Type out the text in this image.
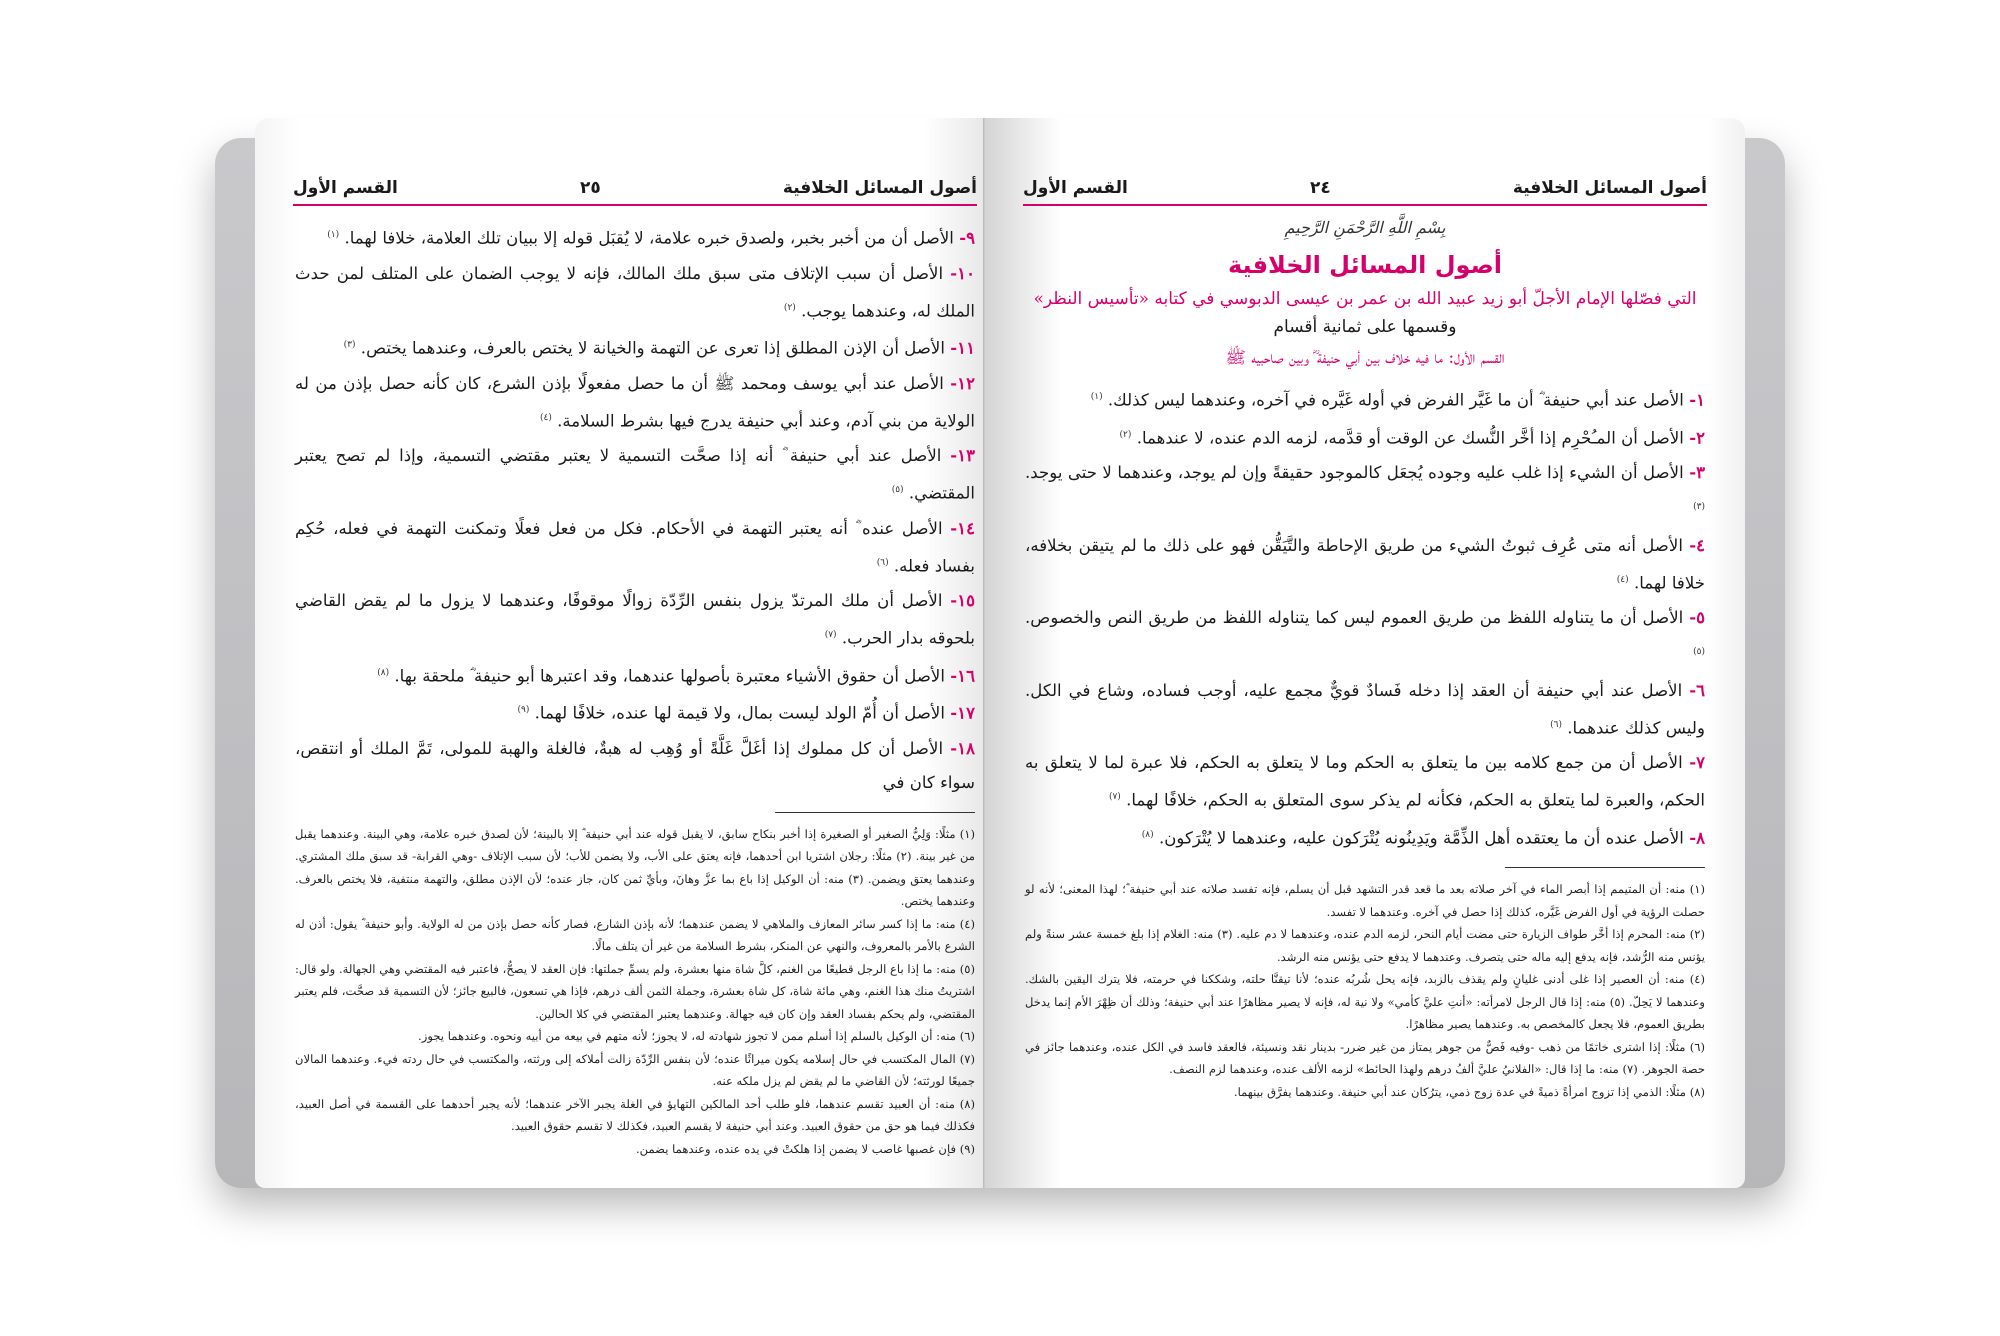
أصول المسائل الخلافية
٢٥
القسم الأول

٩- الأصل أن من أخبر بخبر، ولصدق خبره علامة، لا يُقبَل قوله إلا ببيان تلك العلامة، خلافا لهما. $^{(١)}$

١٠- الأصل أن سبب الإتلاف متى سبق ملك المالك، فإنه لا يوجب الضمان على المتلف لمن حدث الملك له، وعندهما يوجب. $^{(٢)}$

١١- الأصل أن الإذن المطلق إذا تعرى عن التهمة والخيانة لا يختص بالعرف، وعندهما يختص. $^{(٣)}$

١٢- الأصل عند أبي يوسف ومحمد ﷺ أن ما حصل مفعولًا بإذن الشرع، كان كأنه حصل بإذن من له الولاية من بني آدم، وعند أبي حنيفة يدرج فيها بشرط السلامة. $^{(٤)}$

١٣- الأصل عند أبي حنيفة ؓ أنه إذا صحَّت التسمية لا يعتبر مقتضي التسمية، وإذا لم تصح يعتبر المقتضي. $^{(٥)}$

١٤- الأصل عنده ؓ أنه يعتبر التهمة في الأحكام. فكل من فعل فعلًا وتمكنت التهمة في فعله، حُكِم بفساد فعله. $^{(٦)}$

١٥- الأصل أن ملك المرتدّ يزول بنفس الرِّدّة زوالًا موقوفًا، وعندهما لا يزول ما لم يقض القاضي بلحوقه بدار الحرب. $^{(٧)}$

١٦- الأصل أن حقوق الأشياء معتبرة بأصولها عندهما، وقد اعتبرها أبو حنيفة ؓ ملحقة بها. $^{(٨)}$

١٧- الأصل أن أُمّ الولد ليست بمال، ولا قيمة لها عنده، خلافًا لهما. $^{(٩)}$

١٨- الأصل أن كل مملوك إذا أغَلَّ غَلَّةً أو وُهِب له هبةٌ، فالغلة والهبة للمولى، تَمَّ الملك أو انتقص، سواء كان في

(١) مثلًا: وَلِيُّ الصغير أو الصغيرة إذا أخبر بنكاح سابق، لا يقبل قوله عند أبي حنيفة ؓ إلا بالبينة؛ لأن لصدق خبره علامة، وهي البينة. وعندهما يقبل من غير بينة. (٢) مثلًا: رجلان اشتريا ابن أحدهما، فإنه يعتق على الأب، ولا يضمن للأب؛ لأن سبب الإتلاف -وهي القرابة- قد سبق ملك المشتري. وعندهما يعتق ويضمن. (٣) منه: أن الوكيل إذا باع بما عزَّ وهانَ، وبأيِّ ثمن كان، جاز عنده؛ لأن الإذن مطلق، والتهمة منتفية، فلا يختص بالعرف. وعندهما يختص.

(٤) منه: ما إذا كسر سائر المعازف والملاهي لا يضمن عندهما؛ لأنه بإذن الشارع، فصار كأنه حصل بإذن من له الولاية. وأبو حنيفة ؓ يقول: أذن له الشرع بالأمر بالمعروف، والنهي عن المنكر، بشرط السلامة من غير أن يتلف مالًا.

(٥) منه: ما إذا باع الرجل قطيعًا من الغنم، كلَّ شاة منها بعشرة، ولم يسمِّ جملتها: فإن العقد لا يصحُّ، فاعتبر فيه المقتضي وهي الجهالة. ولو قال: اشتريتُ منك هذا الغنم، وهي مائة شاة، كل شاة بعشرة، وجملة الثمن ألف درهم، فإذا هي تسعون، فالبيع جائز؛ لأن التسمية قد صحَّت، فلم يعتبر المقتضي، ولم يحكم بفساد العقد وإن كان فيه جهالة. وعندهما يعتبر المقتضي في كلا الحالين.

(٦) منه: أن الوكيل بالسلم إذا أسلم ممن لا تجوز شهادته له، لا يجوز؛ لأنه متهم في بيعه من أبيه ونحوه. وعندهما يجوز.

(٧) المال المكتسب في حال إسلامه يكون ميراثًا عنده؛ لأن بنفس الرِّدّة زالت أملاكه إلى ورثته، والمكتسب في حال ردته فيء. وعندهما المالان جميعًا لورثته؛ لأن القاضي ما لم يقض لم يزل ملكه عنه.

(٨) منه: أن العبيد تقسم عندهما، فلو طلب أحد المالكين التهايؤ في الغلة يجبر الآخر عندهما؛ لأنه يجبر أحدهما على القسمة في أصل العبيد، فكذلك فيما هو حق من حقوق العبيد. وعند أبي حنيفة لا يقسم العبيد، فكذلك لا تقسم حقوق العبيد.

(٩) فإن غصبها غاصب لا يضمن إذا هلكتْ في يده عنده، وعندهما يضمن.

أصول المسائل الخلافية
٢٤
القسم الأول

بِسْمِ اللَّهِ الرَّحْمَنِ الرَّحِيمِ

أصول المسائل الخلافية

التي فصّلها الإمام الأجلّ أبو زيد عبيد الله بن عمر بن عيسى الدبوسي في كتابه «تأسيس النظر»

وقسمها على ثمانية أقسام

القسم الأول: ما فيه خلاف بين أبي حنيفة ؓ وبين صاحبيه ﷺ

١- الأصل عند أبي حنيفة ؓ أن ما غَيَّر الفرض في أوله غَيَّره في آخره، وعندهما ليس كذلك. $^{(١)}$

٢- الأصل أن المـُحْرِم إذا أخَّر النُّسك عن الوقت أو قدَّمه، لزمه الدم عنده، لا عندهما. $^{(٢)}$

٣- الأصل أن الشيء إذا غلب عليه وجوده يُجعَل كالموجود حقيقةً وإن لم يوجد، وعندهما لا حتى يوجد. $^{(٣)}$

٤- الأصل أنه متى عُرِف ثبوتُ الشيء من طريق الإحاطة والتَّيَقُّن فهو على ذلك ما لم يتيقن بخلافه، خلافا لهما. $^{(٤)}$

٥- الأصل أن ما يتناوله اللفظ من طريق العموم ليس كما يتناوله اللفظ من طريق النص والخصوص. $^{(٥)}$

٦- الأصل عند أبي حنيفة أن العقد إذا دخله فَسادٌ قويٌّ مجمع عليه، أوجب فساده، وشاع في الكل. وليس كذلك عندهما. $^{(٦)}$

٧- الأصل أن من جمع كلامه بين ما يتعلق به الحكم وما لا يتعلق به الحكم، فلا عبرة لما لا يتعلق به الحكم، والعبرة لما يتعلق به الحكم، فكأنه لم يذكر سوى المتعلق به الحكم، خلافًا لهما. $^{(٧)}$

٨- الأصل عنده أن ما يعتقده أهل الذِّمَّة ويَدِينُونه يُتْرَكون عليه، وعندهما لا يُتْرَكون. $^{(٨)}$

(١) منه: أن المتيمم إذا أبصر الماء في آخر صلاته بعد ما قعد قدر التشهد قبل أن يسلم، فإنه تفسد صلاته عند أبي حنيفة ؓ؛ لهذا المعنى؛ لأنه لو حصلت الرؤية في أول الفرض غَيَّره، كذلك إذا حصل في آخره. وعندهما لا تفسد.

(٢) منه: المحرم إذا أخَّر طواف الزيارة حتى مضت أيام النحر، لزمه الدم عنده، وعندهما لا دم عليه. (٣) منه: الغلام إذا بلغ خمسة عشر سنةً ولم يؤنس منه الرُّشد، فإنه يدفع إليه ماله حتى يتصرف. وعندهما لا يدفع حتى يؤنس منه الرشد.

(٤) منه: أن العصير إذا غلى أدنى غليانٍ ولم يقذف بالزبد، فإنه يحل شُربُه عنده؛ لأنا تيقنَّا حلته، وشككنا في حرمته، فلا يترك اليقين بالشك. وعندهما لا يَحِلّ. (٥) منه: إذا قال الرجل لامرأته: «أنتِ عليَّ كأمي» ولا نية له، فإنه لا يصير مظاهرًا عند أبي حنيفة؛ وذلك أن ظِهْرَ الأم إنما يدخل بطريق العموم، فلا يجعل كالمخصص به. وعندهما يصير مظاهرًا.

(٦) مثلًا: إذا اشترى خاتمًا من ذهب -وفيه فَصٌّ من جوهر يمتاز من غير ضرر- بدينار نقد ونسيئة، فالعقد فاسد في الكل عنده، وعندهما جائز في حصة الجوهر. (٧) منه: ما إذا قال: «الفلانيُ عليَّ ألفُ درهم ولهذا الحائط» لزمه الألف عنده، وعندهما لزم النصف.

(٨) مثلًا: الذمي إذا تزوج امرأةً ذميةً في عدة زوج ذمي، يترُكان عند أبي حنيفة. وعندهما يفرَّق بينهما.
